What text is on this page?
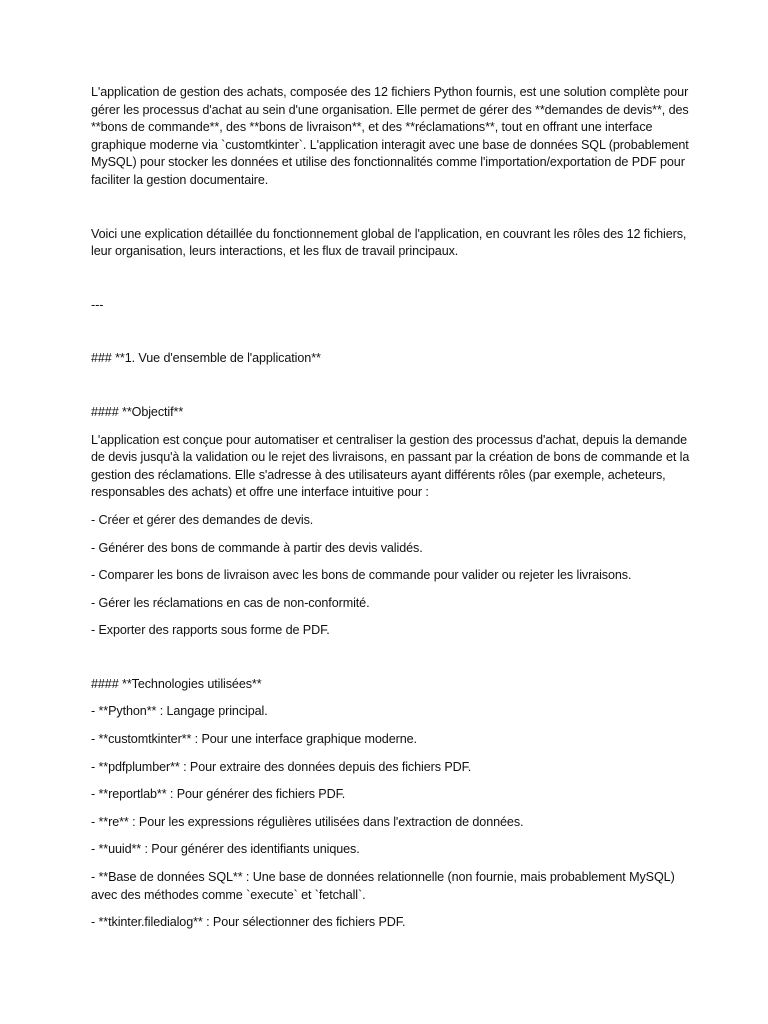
L'application de gestion des achats, composée des 12 fichiers Python fournis, est une solution complète pour gérer les processus d'achat au sein d'une organisation. Elle permet de gérer des **demandes de devis**, des **bons de commande**, des **bons de livraison**, et des **réclamations**, tout en offrant une interface graphique moderne via `customtkinter`. L'application interagit avec une base de données SQL (probablement MySQL) pour stocker les données et utilise des fonctionnalités comme l'importation/exportation de PDF pour faciliter la gestion documentaire.

Voici une explication détaillée du fonctionnement global de l'application, en couvrant les rôles des 12 fichiers, leur organisation, leurs interactions, et les flux de travail principaux.

---

### **1. Vue d'ensemble de l'application**

#### **Objectif**

L'application est conçue pour automatiser et centraliser la gestion des processus d'achat, depuis la demande de devis jusqu'à la validation ou le rejet des livraisons, en passant par la création de bons de commande et la gestion des réclamations. Elle s'adresse à des utilisateurs ayant différents rôles (par exemple, acheteurs, responsables des achats) et offre une interface intuitive pour :

- Créer et gérer des demandes de devis.

- Générer des bons de commande à partir des devis validés.

- Comparer les bons de livraison avec les bons de commande pour valider ou rejeter les livraisons.

- Gérer les réclamations en cas de non-conformité.

- Exporter des rapports sous forme de PDF.

#### **Technologies utilisées**

- **Python** : Langage principal.

- **customtkinter** : Pour une interface graphique moderne.

- **pdfplumber** : Pour extraire des données depuis des fichiers PDF.

- **reportlab** : Pour générer des fichiers PDF.

- **re** : Pour les expressions régulières utilisées dans l'extraction de données.

- **uuid** : Pour générer des identifiants uniques.

- **Base de données SQL** : Une base de données relationnelle (non fournie, mais probablement MySQL) avec des méthodes comme `execute` et `fetchall`.

- **tkinter.filedialog** : Pour sélectionner des fichiers PDF.
